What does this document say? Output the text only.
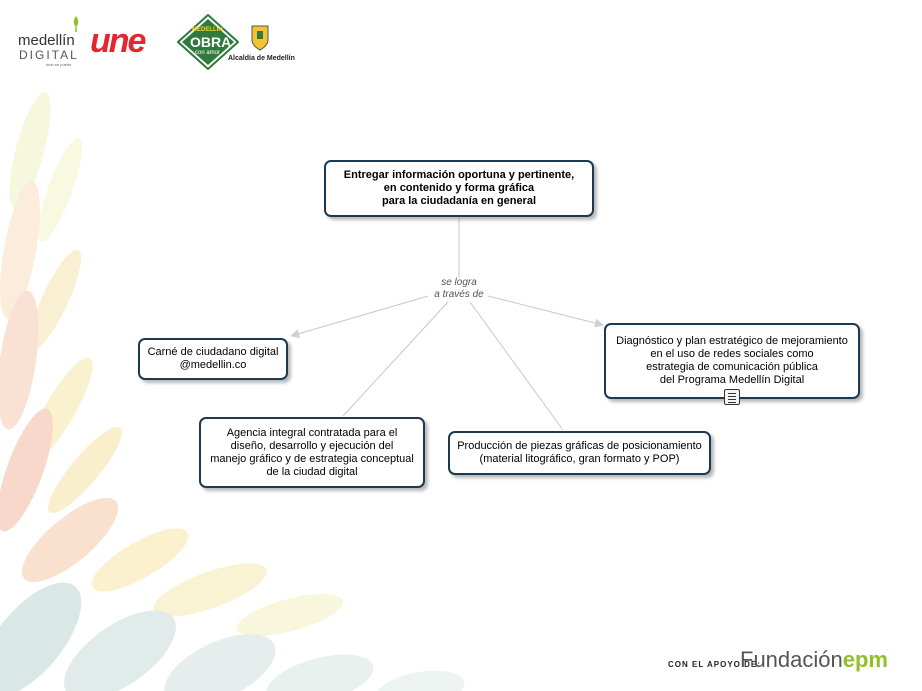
medellín
DIGITAL
todo se puede
une	MEDELLÍN
OBRA
con amor
Alcaldía de Medellín
Entregar información oportuna y pertinente,
en contenido y forma gráfica
para la ciudadanía en general
se logra
a través de
Carné de ciudadano digital
@medellin.co
Agencia integral contratada para el
diseño, desarrollo y ejecución del
manejo gráfico y de estrategia conceptual
de la ciudad digital
Producción de piezas gráficas de posicionamiento
(material litográfico, gran formato y POP)
Diagnóstico y plan estratégico de mejoramiento
en el uso de redes sociales como
estrategia de comunicación pública
del Programa Medellín Digital
CON EL APOYO DE:
Fundaciónepm
